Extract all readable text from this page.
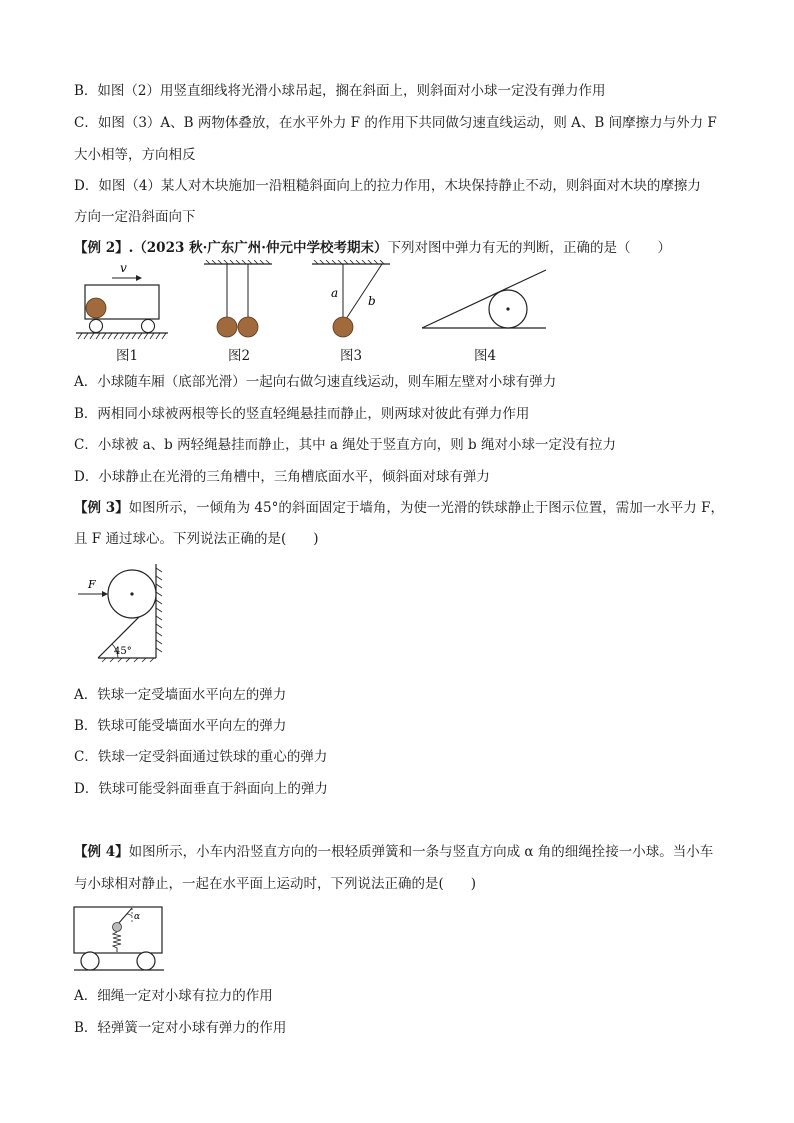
B．如图（2）用竖直细线将光滑小球吊起，搁在斜面上，则斜面对小球一定没有弹力作用
C．如图（3）A、B 两物体叠放，在水平外力 F 的作用下共同做匀速直线运动，则 A、B 间摩擦力与外力 F
大小相等，方向相反
D．如图（4）某人对木块施加一沿粗糙斜面向上的拉力作用，木块保持静止不动，则斜面对木块的摩擦力
方向一定沿斜面向下
【例 2】.（2023 秋·广东广州·仲元中学校考期末）下列对图中弹力有无的判断，正确的是（　　）
v
a
b
图1	图2	图3	图4
A．小球随车厢（底部光滑）一起向右做匀速直线运动，则车厢左壁对小球有弹力
B．两相同小球被两根等长的竖直轻绳悬挂而静止，则两球对彼此有弹力作用
C．小球被 a、b 两轻绳悬挂而静止，其中 a 绳处于竖直方向，则 b 绳对小球一定没有拉力
D．小球静止在光滑的三角槽中，三角槽底面水平，倾斜面对球有弹力
【例 3】如图所示，一倾角为 45°的斜面固定于墙角，为使一光滑的铁球静止于图示位置，需加一水平力 F，
且 F 通过球心。下列说法正确的是(　　)
45°
F
A．铁球一定受墙面水平向左的弹力
B．铁球可能受墙面水平向左的弹力
C．铁球一定受斜面通过铁球的重心的弹力
D．铁球可能受斜面垂直于斜面向上的弹力
【例 4】如图所示，小车内沿竖直方向的一根轻质弹簧和一条与竖直方向成 α 角的细绳拴接一小球。当小车
与小球相对静止，一起在水平面上运动时，下列说法正确的是(　　)
α
A．细绳一定对小球有拉力的作用
B．轻弹簧一定对小球有弹力的作用
